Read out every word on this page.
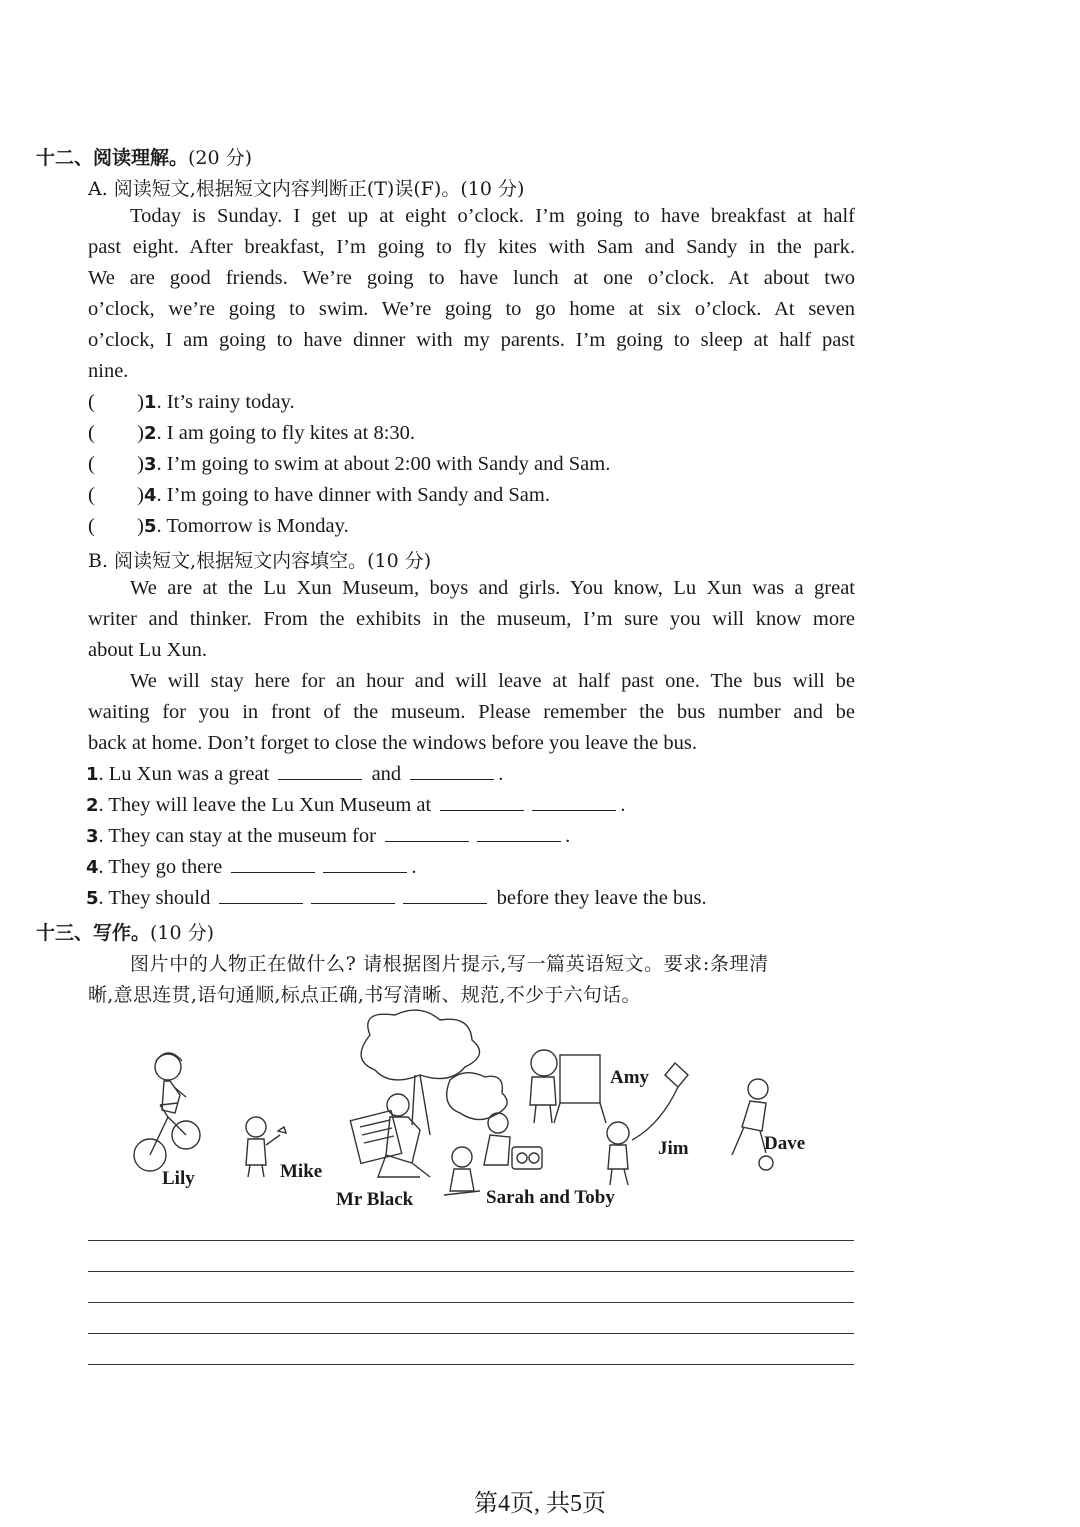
十二、阅读理解。(20 分)
A. 阅读短文,根据短文内容判断正(T)误(F)。(10 分)
Today is Sunday. I get up at eight o’clock. I’m going to have breakfast at half
past eight. After breakfast, I’m going to fly kites with Sam and Sandy in the park.
We are good friends. We’re going to have lunch at one o’clock. At about two
o’clock, we’re going to swim. We’re going to go home at six o’clock. At seven
o’clock, I am going to have dinner with my parents. I’m going to sleep at half past
nine.
( ) 1. It’s rainy today.
( ) 2. I am going to fly kites at 8:30.
( ) 3. I’m going to swim at about 2:00 with Sandy and Sam.
( ) 4. I’m going to have dinner with Sandy and Sam.
( ) 5. Tomorrow is Monday.
B. 阅读短文,根据短文内容填空。(10 分)
We are at the Lu Xun Museum, boys and girls. You know, Lu Xun was a great
writer and thinker. From the exhibits in the museum, I’m sure you will know more
about Lu Xun.
We will stay here for an hour and will leave at half past one. The bus will be
waiting for you in front of the museum. Please remember the bus number and be
back at home. Don’t forget to close the windows before you leave the bus.
1. Lu Xun was a great	and	.
2. They will leave the Lu Xun Museum at	.
3. They can stay at the museum for	.
4. They go there	.
5. They should	before they leave the bus.
十三、写作。(10 分)
图片中的人物正在做什么? 请根据图片提示,写一篇英语短文。要求:条理清
晰,意思连贯,语句通顺,标点正确,书写清晰、规范,不少于六句话。
Lily	Mike
Mr Black	Sarah and Toby
Amy
Jim	Dave
第4页, 共5页
